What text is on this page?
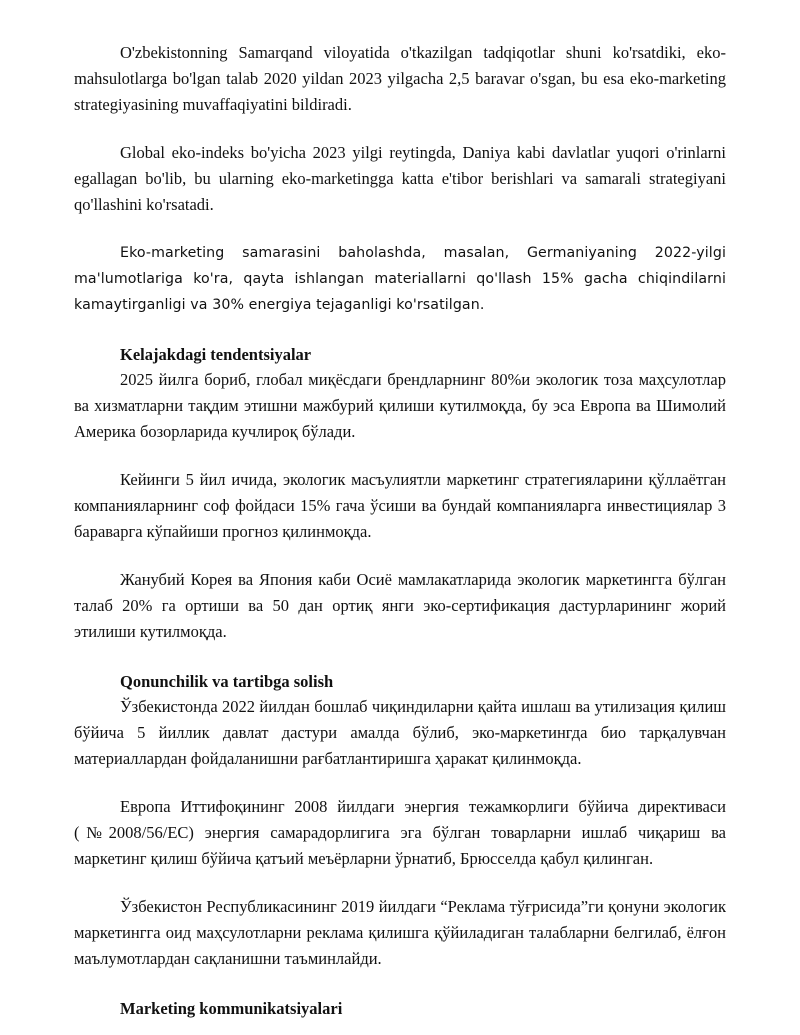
O'zbekistonning Samarqand viloyatida o'tkazilgan tadqiqotlar shuni ko'rsatdiki, eko-mahsulotlarga bo'lgan talab 2020 yildan 2023 yilgacha 2,5 baravar o'sgan, bu esa eko-marketing strategiyasining muvaffaqiyatini bildiradi.

Global eko-indeks bo'yicha 2023 yilgi reytingda, Daniya kabi davlatlar yuqori o'rinlarni egallagan bo'lib, bu ularning eko-marketingga katta e'tibor berishlari va samarali strategiyani qo'llashini ko'rsatadi.

Eko-marketing samarasini baholashda, masalan, Germaniyaning 2022-yilgi ma'lumotlariga ko'ra, qayta ishlangan materiallarni qo'llash 15% gacha chiqindilarni kamaytirganligi va 30% energiya tejaganligi ko'rsatilgan.

Kelajakdagi tendentsiyalar

2025 йилга бориб, глобал миқёсдаги брендларнинг 80%и экологик тоза маҳсулотлар ва хизматларни тақдим этишни мажбурий қилиши кутилмоқда, бу эса Европа ва Шимолий Америка бозорларида кучлироқ бўлади.

Кейинги 5 йил ичида, экологик масъулиятли маркетинг стратегияларини қўллаётган компанияларнинг соф фойдаси 15% гача ўсиши ва бундай компанияларга инвестициялар 3 бараварга кўпайиши прогноз қилинмоқда.

Жанубий Корея ва Япония каби Осиё мамлакатларида экологик маркетингга бўлган талаб 20% га ортиши ва 50 дан ортиқ янги эко-сертификация дастурларининг жорий этилиши кутилмоқда.

Qonunchilik va tartibga solish

Ўзбекистонда 2022 йилдан бошлаб чиқиндиларни қайта ишлаш ва утилизация қилиш бўйича 5 йиллик давлат дастури амалда бўлиб, эко-маркетингда био тарқалувчан материаллардан фойдаланишни рағбатлантиришга ҳаракат қилинмоқда.

Европа Иттифоқининг 2008 йилдаги энергия тежамкорлиги бўйича директиваси (№2008/56/EC) энергия самарадорлигига эга бўлган товарларни ишлаб чиқариш ва маркетинг қилиш бўйича қатъий меъёрларни ўрнатиб, Брюсселда қабул қилинган.

Ўзбекистон Республикасининг 2019 йилдаги “Реклама тўғрисида”ги қонуни экологик маркетингга оид маҳсулотларни реклама қилишга қўйиладиган талабларни белгилаб, ёлғон маълумотлардан сақланишни таъминлайди.

Marketing kommunikatsiyalari
